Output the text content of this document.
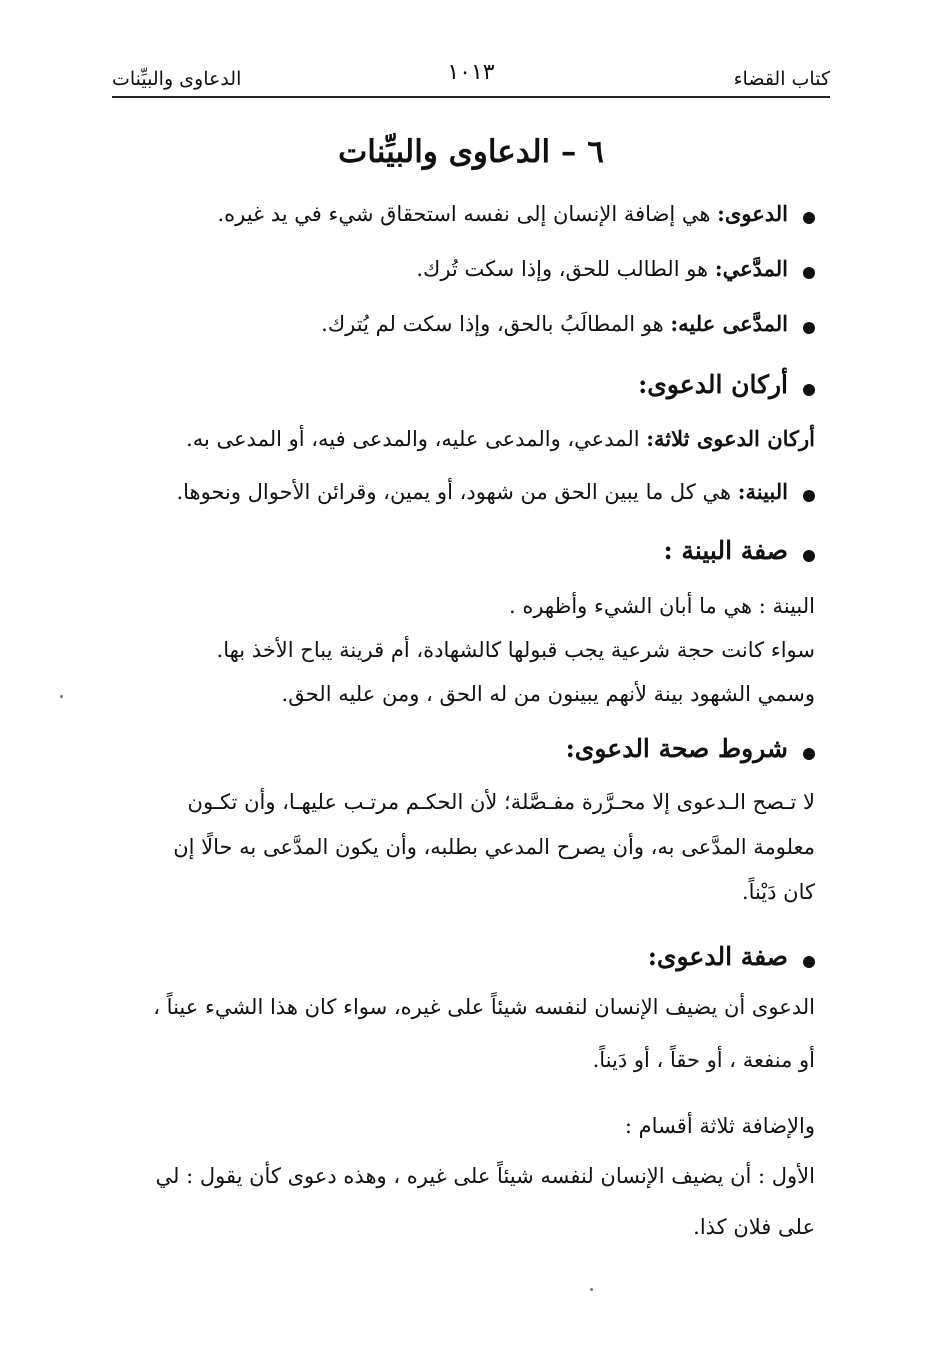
كتاب القضاء
١٠١٣
الدعاوى والبيِّنات
٦ – الدعاوى والبيِّنات
الدعوى: هي إضافة الإنسان إلى نفسه استحقاق شيء في يد غيره.
المدَّعي: هو الطالب للحق، وإذا سكت تُرك.
المدَّعى عليه: هو المطالَبُ بالحق، وإذا سكت لم يُترك.
أركان الدعوى:
أركان الدعوى ثلاثة: المدعي، والمدعى عليه، والمدعى فيه، أو المدعى به.
البينة: هي كل ما يبين الحق من شهود، أو يمين، وقرائن الأحوال ونحوها.
صفة البينة :
البينة : هي ما أبان الشيء وأظهره .
سواء كانت حجة شرعية يجب قبولها كالشهادة، أم قرينة يباح الأخذ بها.
وسمي الشهود بينة لأنهم يبينون من له الحق ، ومن عليه الحق.
شروط صحة الدعوى:
لا تـصح الـدعوى إلا محـرَّرة مفـصَّلة؛ لأن الحكـم مرتـب عليهـا، وأن تكـون
معلومة المدَّعى به، وأن يصرح المدعي بطلبه، وأن يكون المدَّعى به حالًا إن
كان دَيْناً.
صفة الدعوى:
الدعوى أن يضيف الإنسان لنفسه شيئاً على غيره، سواء كان هذا الشيء عيناً ،
أو منفعة ، أو حقاً ، أو دَيناً.
والإضافة ثلاثة أقسام :
الأول : أن يضيف الإنسان لنفسه شيئاً على غيره ، وهذه دعوى كأن يقول : لي
على فلان كذا.
